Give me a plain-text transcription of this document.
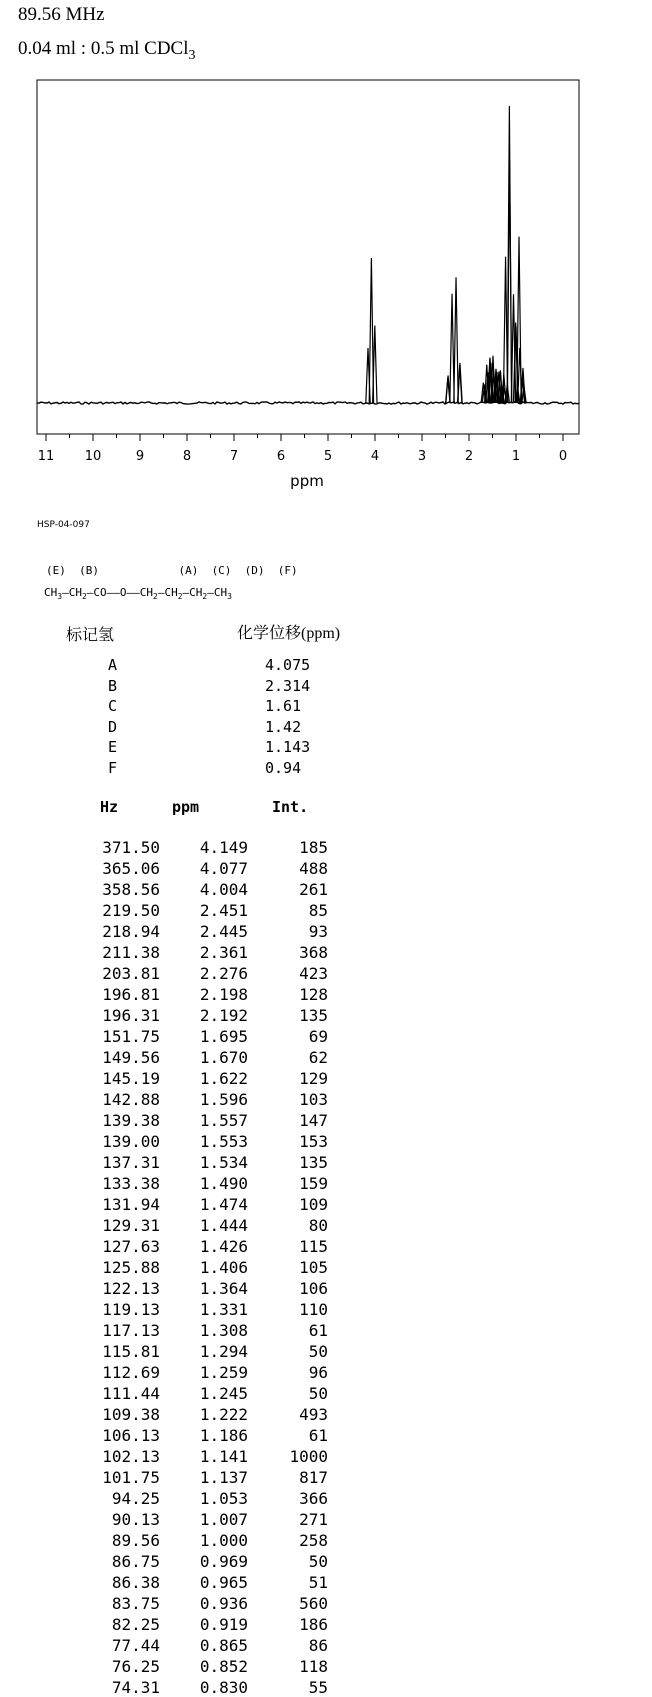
89.56 MHz
0.04 ml : 0.5 ml CDCl$_3$
11 10	9	8	7	6	5	4	3	2	1	0
ppm
HSP-04-097
(E)  (B)            (A)  (C)  (D)  (F)
$CH_3—CH_2—CO——O——CH_2—CH_2—CH_2—CH_3$
标记氢	化学位移(ppm)
A	4.075
B	2.314
C	1.61
D	1.42
E	1.143
F	0.94
Hz	ppm	Int.
371.50	4.149	185
365.06	4.077	488
358.56	4.004	261
219.50	2.451	85
218.94	2.445	93
211.38	2.361	368
203.81	2.276	423
196.81	2.198	128
196.31	2.192	135
151.75	1.695	69
149.56	1.670	62
145.19	1.622	129
142.88	1.596	103
139.38	1.557	147
139.00	1.553	153
137.31	1.534	135
133.38	1.490	159
131.94	1.474	109
129.31	1.444	80
127.63	1.426	115
125.88	1.406	105
122.13	1.364	106
119.13	1.331	110
117.13	1.308	61
115.81	1.294	50
112.69	1.259	96
111.44	1.245	50
109.38	1.222	493
106.13	1.186	61
102.13	1.141	1000
101.75	1.137	817
94.25	1.053	366
90.13	1.007	271
89.56	1.000	258
86.75	0.969	50
86.38	0.965	51
83.75	0.936	560
82.25	0.919	186
77.44	0.865	86
76.25	0.852	118
74.31	0.830	55
